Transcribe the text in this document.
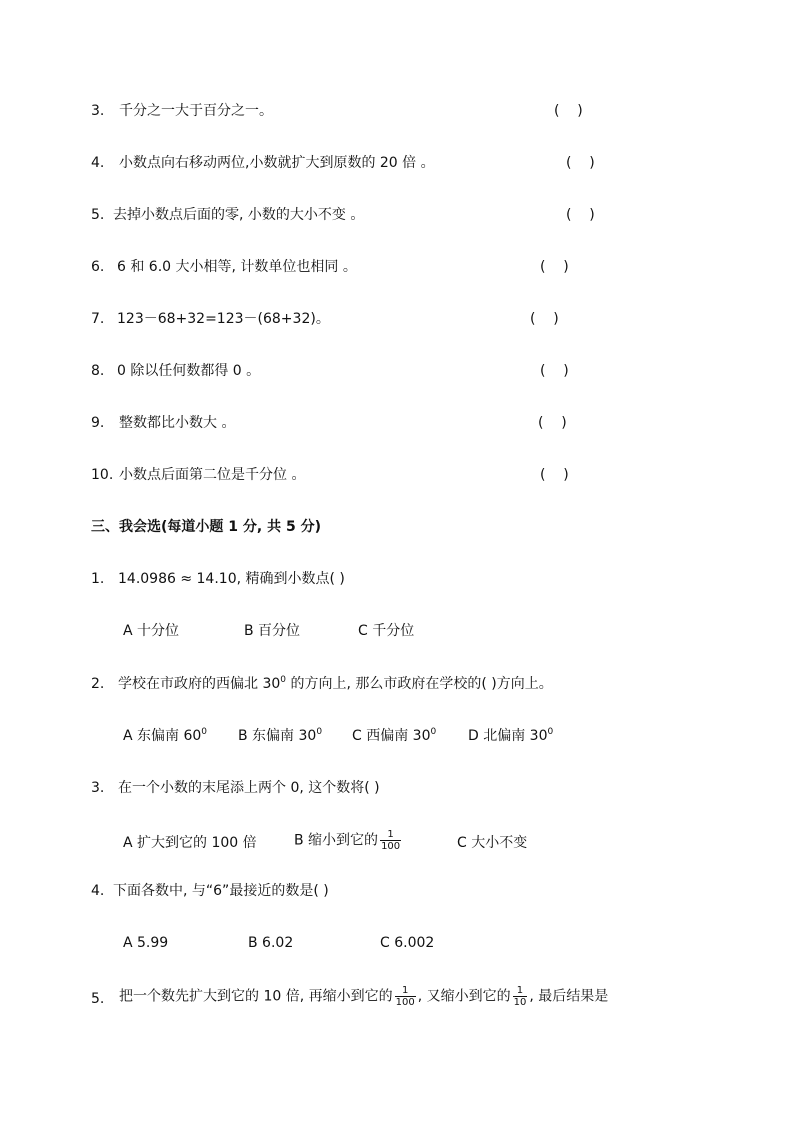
3. 千分之一大于百分之一。	(    )
4. 小数点向右移动两位,小数就扩大到原数的 20 倍 。	(    )
5. 去掉小数点后面的零, 小数的大小不变 。	(    )
6. 6 和 6.0 大小相等, 计数单位也相同 。	(    )
7. 123－68+32=123－(68+32)。	(    )
8. 0 除以任何数都得 0 。	(    )
9. 整数都比小数大 。	(    )
10. 小数点后面第二位是千分位 。	(    )
三、我会选(每道小题 1 分, 共 5 分)
1. 14.0986 ≈ 14.10, 精确到小数点( )
A 十分位	B 百分位	C 千分位
2. 学校在市政府的西偏北 $30^0$ 的方向上, 那么市政府在学校的( )方向上。
A 东偏南 $60^0$ B 东偏南 $30^0$ C 西偏南 $30^0$ D 北偏南 $30^0$
3. 在一个小数的末尾添上两个 0, 这个数将( )
A 扩大到它的 100 倍	B 缩小到它的 $\frac{1}{100}$	C 大小不变
4. 下面各数中, 与“6”最接近的数是( )
A 5.99	B 6.02	C 6.002
5. 把一个数先扩大到它的 10 倍, 再缩小到它的 $\frac{1}{100}$ , 又缩小到它的 $\frac{1}{10}$ , 最后结果是
